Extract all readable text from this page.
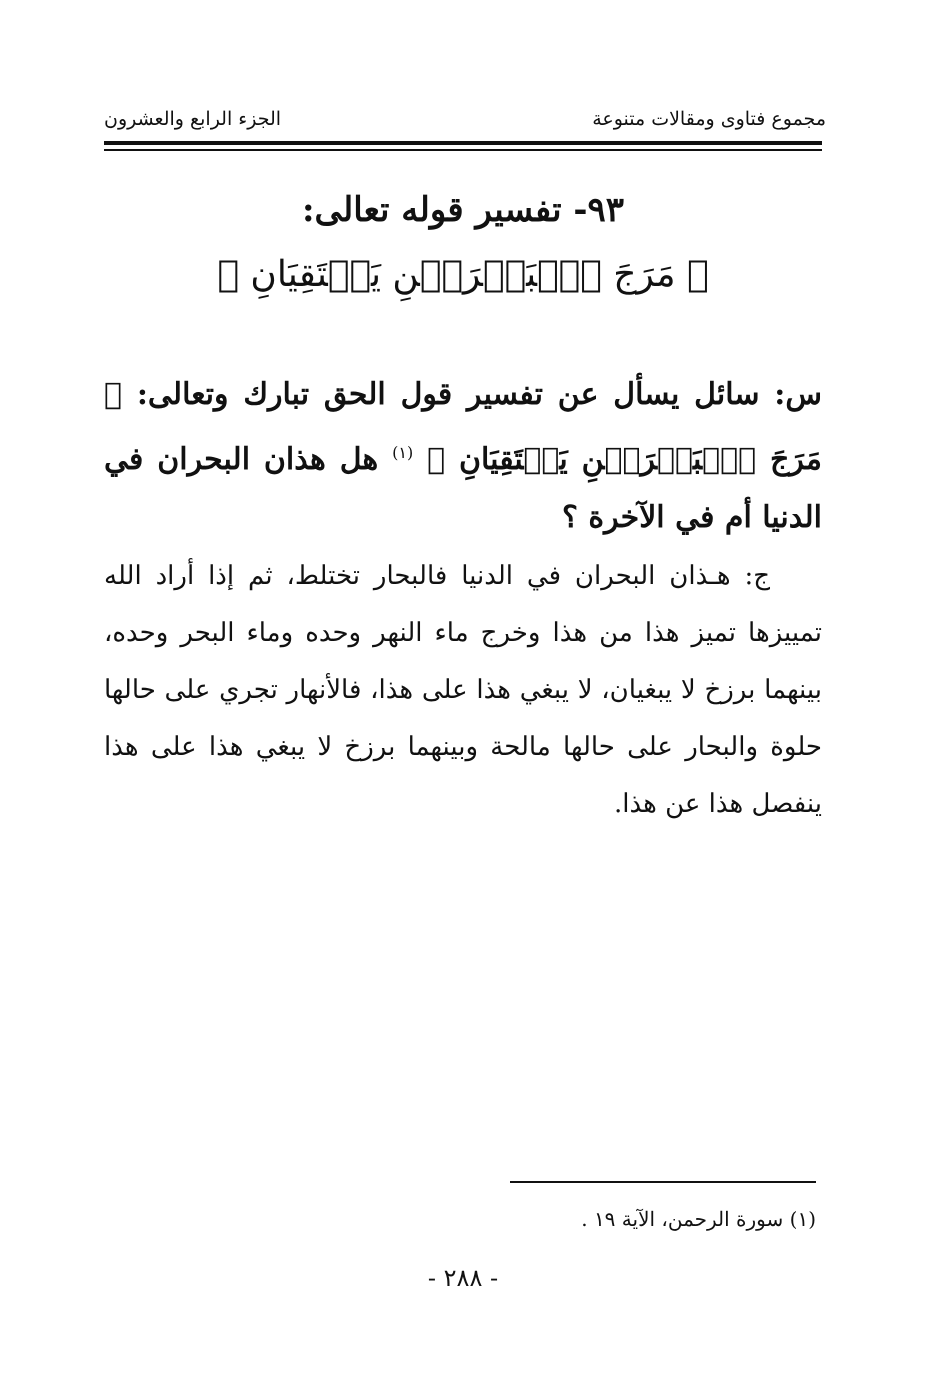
مجموع فتاوى ومقالات متنوعة
الجزء الرابع والعشرون
٩٣- تفسير قوله تعالى:
﴿ مَرَجَ ٱلۡبَحۡرَيۡنِ يَلۡتَقِيَانِ ﴾
س: سائل يسأل عن تفسير قول الحق تبارك وتعالى: ﴿ مَرَجَ ٱلۡبَحۡرَيۡنِ يَلۡتَقِيَانِ ﴾ $^{(١)}$ هل هذان البحران في الدنيا أم في الآخرة ؟
ج: هـذان البحران في الدنيا فالبحار تختلط، ثم إذا أراد الله تمييزها تميز هذا من هذا وخرج ماء النهر وحده وماء البحر وحده، بينهما برزخ لا يبغيان، لا يبغي هذا على هذا، فالأنهار تجري على حالها حلوة والبحار على حالها مالحة وبينهما برزخ لا يبغي هذا على هذا ينفصل هذا عن هذا.
(١) سورة الرحمن، الآية ١٩ .
- ٢٨٨ -
